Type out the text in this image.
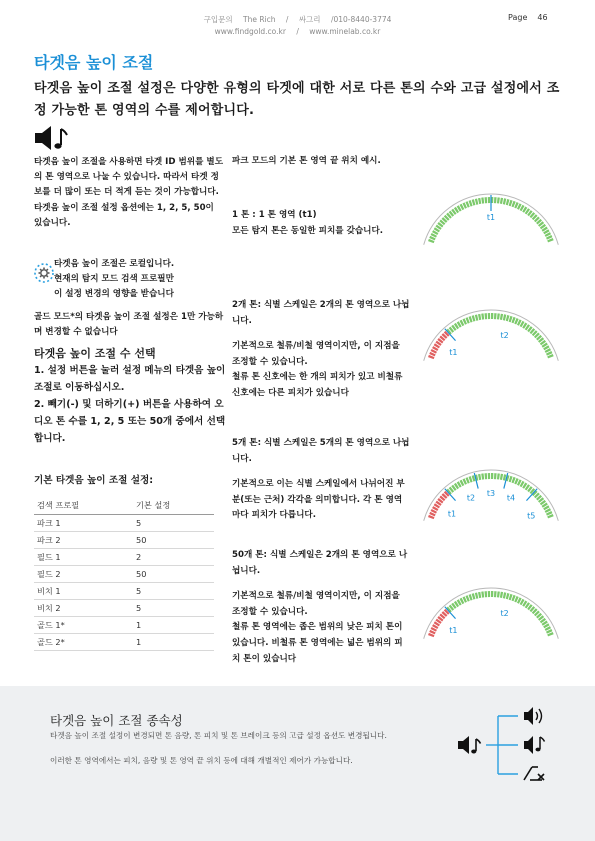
구입문의 The Rich / 싸그리 /010-8440-3774
www.findgold.co.kr / www.minelab.co.kr
Page 46
타겟음 높이 조절
타겟음 높이 조절 설정은 다양한 유형의 타겟에 대한 서로 다른 톤의 수와 고급 설정에서 조정 가능한 톤 영역의 수를 제어합니다.

타겟음 높이 조절을 사용하면 타겟 ID 범위를 별도의 톤 영역으로 나눌 수 있습니다. 따라서 타겟 정보를 더 많이 또는 더 적게 듣는 것이 가능합니다.

타겟음 높이 조절 설정 옵션에는 1, 2, 5, 50이 있습니다.

타겟음 높이 조절은 로컬입니다.

현재의 탐지 모드 검색 프로필만

이 설정 변경의 영향을 받습니다

골드 모드*의 타겟음 높이 조절 설정은 1만 가능하며 변경할 수 없습니다
타겟음 높이 조절 수 선택

1. 설정 버튼을 눌러 설정 메뉴의 타겟음 높이 조절로 이동하십시오.

2. 빼기(-) 및 더하기(+) 버튼을 사용하여 오디오 톤 수를 1, 2, 5 또는 50개 중에서 선택합니다.

기본 타겟음 높이 조절 설정:
검색 프로필	기본 설정
파크 1	5
파크 2	50
필드 1	2
필드 2	50
비치 1	5
비치 2	5
골드 1*	1
골드 2*	1

파크 모드의 기본 톤 영역 끝 위치 예시.

1 톤 : 1 톤 영역 (t1)

모든 탐지 톤은 동일한 피치를 갖습니다.

2개 톤: 식별 스케일은 2개의 톤 영역으로 나뉩니다.

기본적으로 철류/비철 영역이지만, 이 지점을 조정할 수 있습니다.

철류 톤 신호에는 한 개의 피치가 있고 비철류 신호에는 다른 피치가 있습니다

5개 톤: 식별 스케일은 5개의 톤 영역으로 나뉩니다.

기본적으로 이는 식별 스케일에서 나뉘어진 부분(또는 근처) 각각을 의미합니다. 각 톤 영역마다 피치가 다릅니다.

50개 톤: 식별 스케일은 2개의 톤 영역으로 나뉩니다.

기본적으로 철류/비철 영역이지만, 이 지점을 조정할 수 있습니다.

철류 톤 영역에는 좁은 범위의 낮은 피치 톤이 있습니다. 비철류 톤 영역에는 넓은 범위의 피치 톤이 있습니다

t1
t1
t2
t1
t2 t3 t4
t5
t1
t2
타겟음 높이 조절 종속성

타겟음 높이 조절 설정이 변경되면 톤 음량, 톤 피치 및 톤 브레이크 등의 고급 설정 옵션도 변경됩니다.

이러한 톤 영역에서는 피치, 음량 및 톤 영역 끝 위치 등에 대해 개별적인 제어가 가능합니다.
